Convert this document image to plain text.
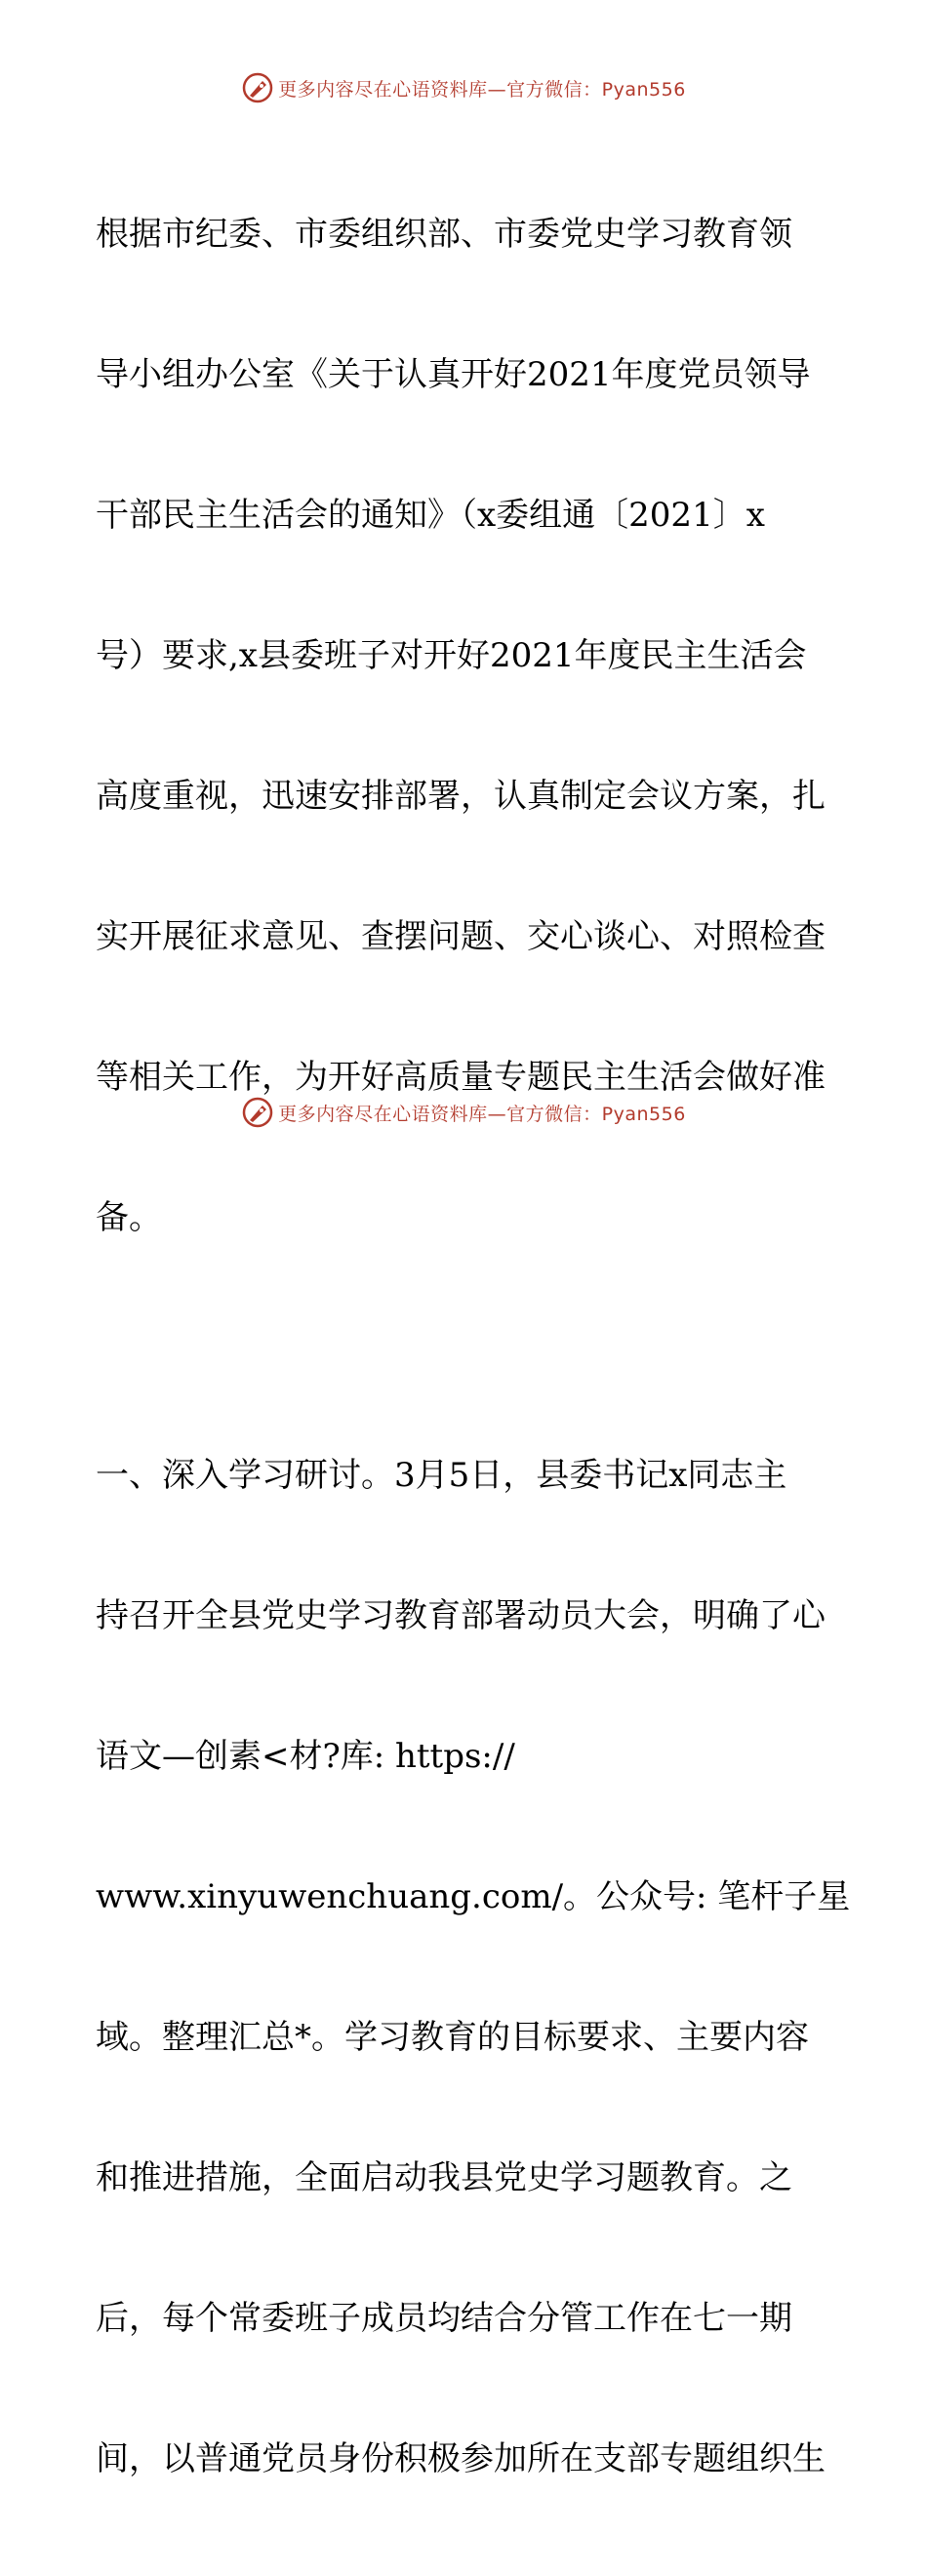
更多内容尽在心语资料库—官方微信：Pyan556

根据市纪委、市委组织部、市委党史学习教育领

导小组办公室《关于认真开好2021年度党员领导

干部民主生活会的通知》（x委组通〔2021〕x

号）要求,x县委班子对开好2021年度民主生活会

高度重视，迅速安排部署，认真制定会议方案，扎

实开展征求意见、查摆问题、交心谈心、对照检查

等相关工作，为开好高质量专题民主生活会做好准

备。

一、深入学习研讨。3月5日，县委书记x同志主

持召开全县党史学习教育部署动员大会，明确了心

语文—创素<材?库: https://

www.xinyuwenchuang.com/。公众号: 笔杆子星

域。整理汇总*。学习教育的目标要求、主要内容

和推进措施，全面启动我县党史学习题教育。之

后，每个常委班子成员均结合分管工作在七一期

间，以普通党员身份积极参加所在支部专题组织生

更多内容尽在心语资料库—官方微信：Pyan556
